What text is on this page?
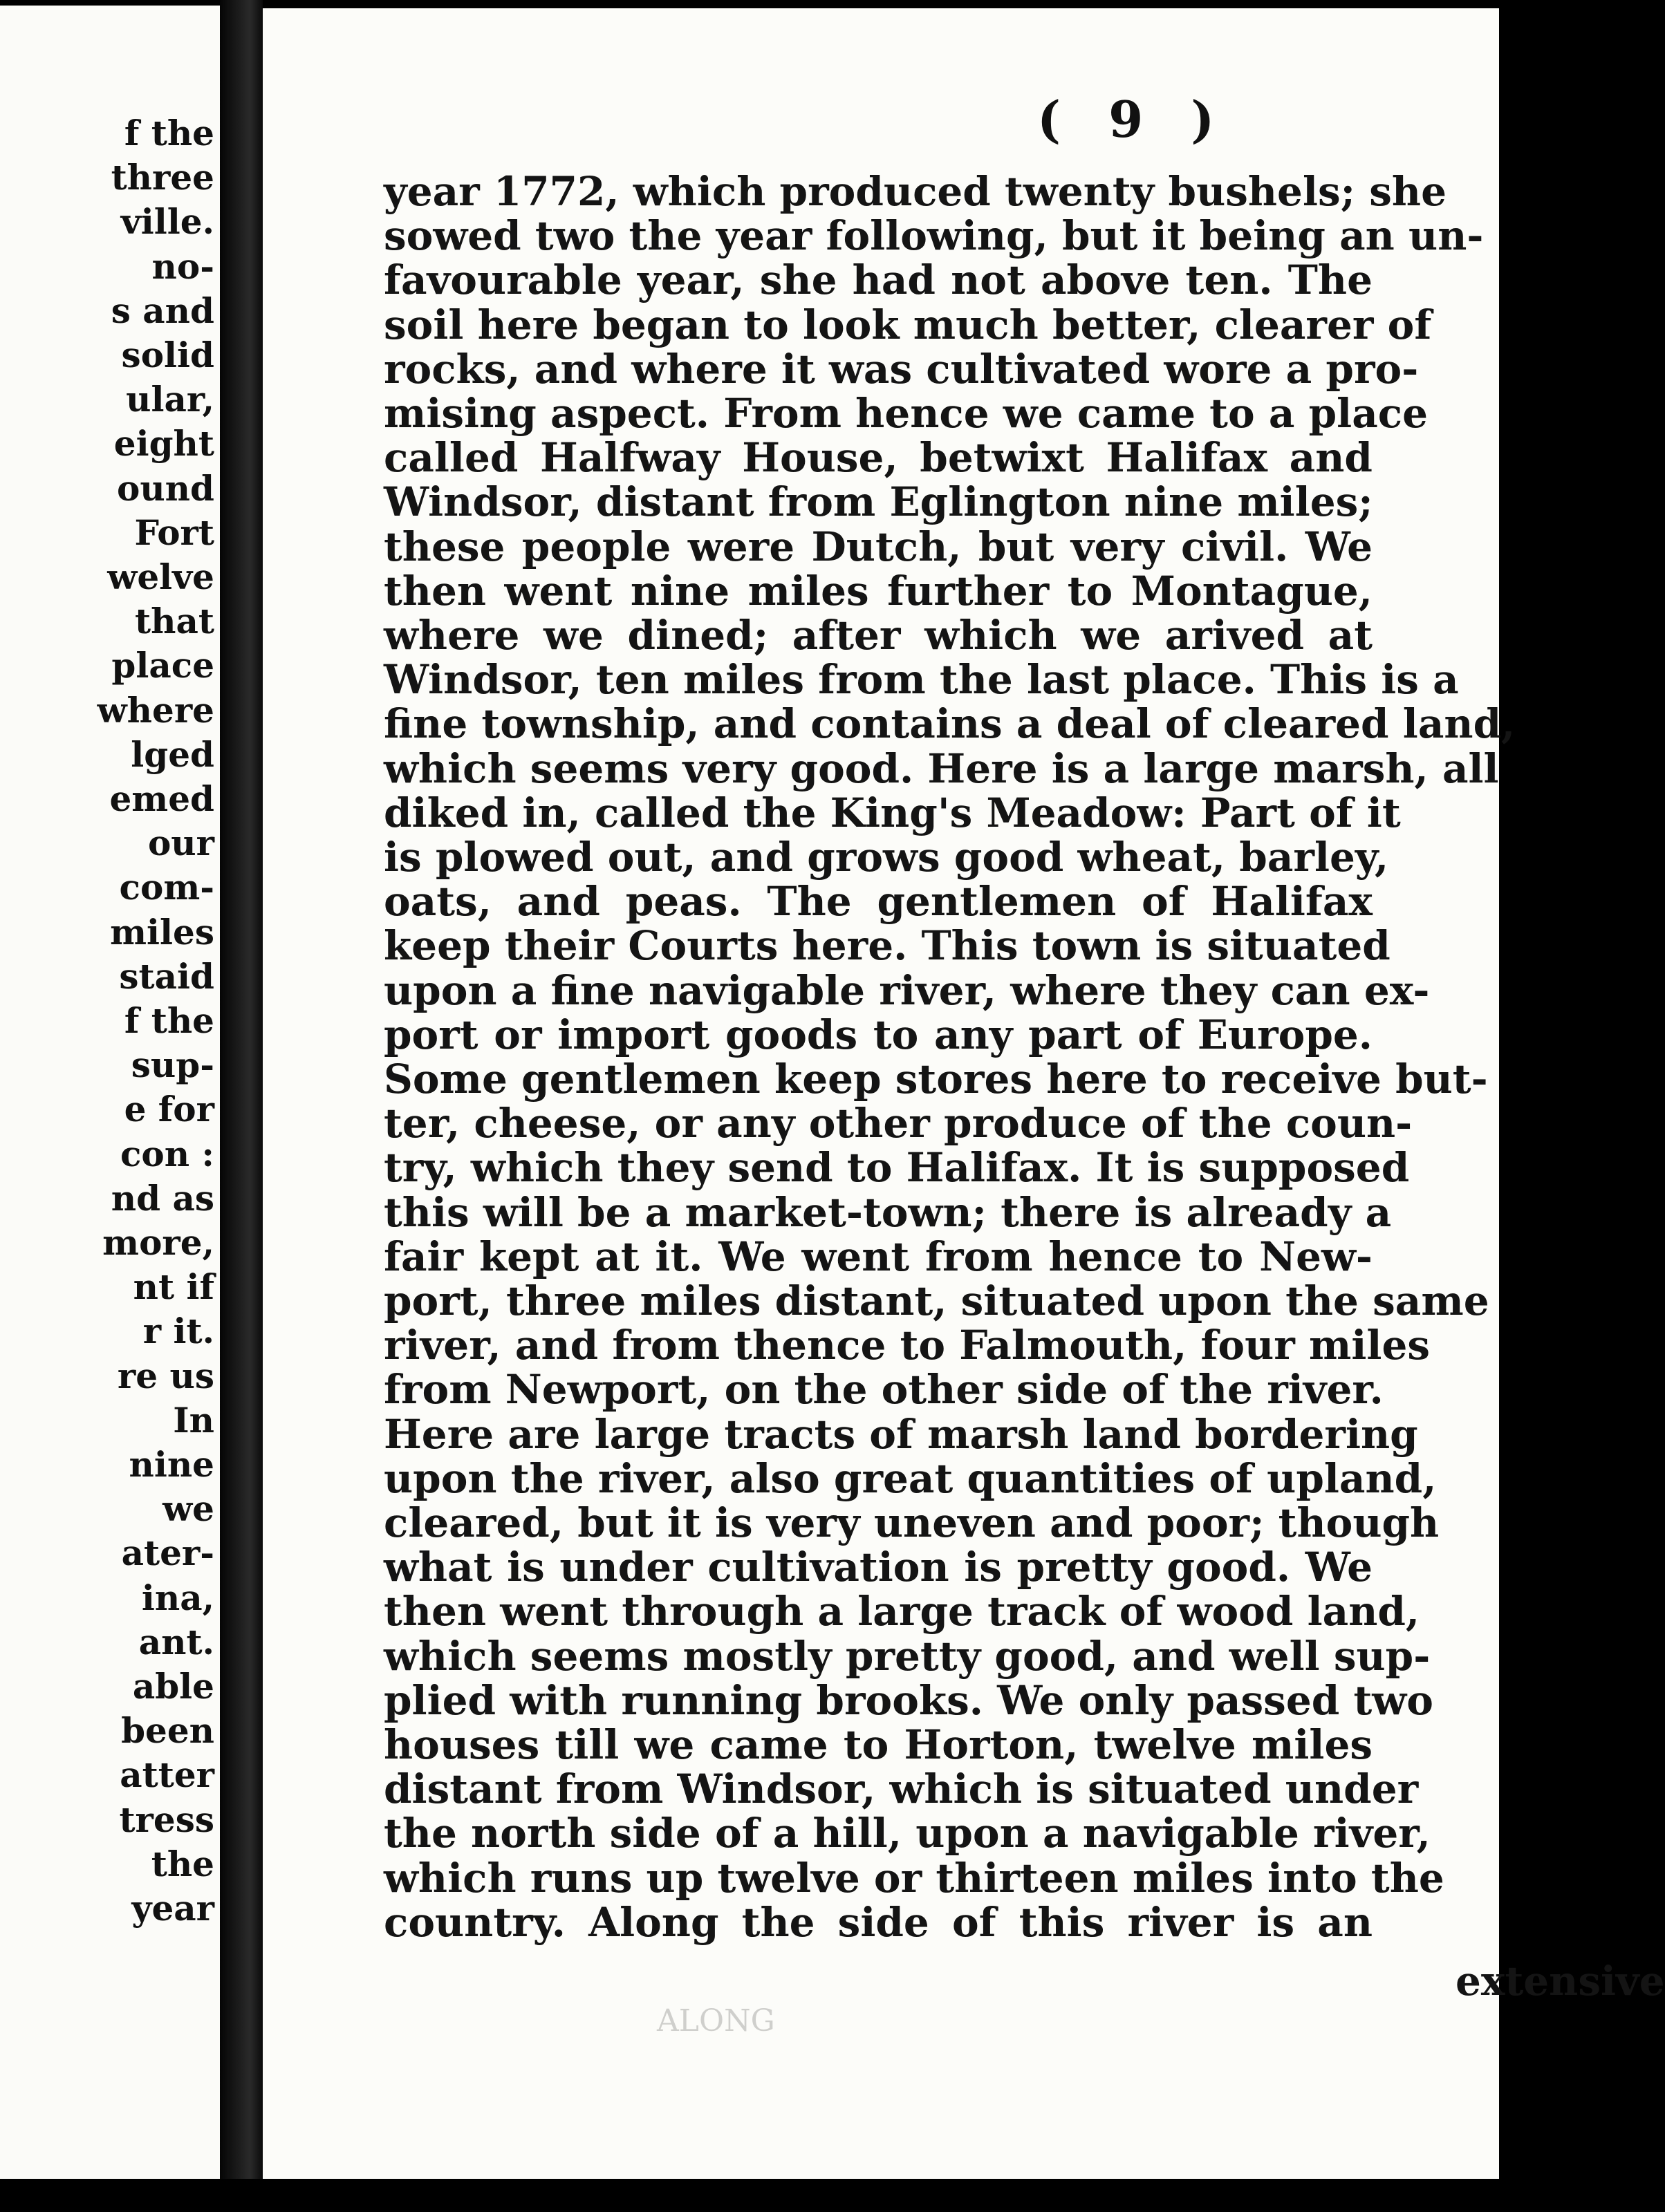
f the
three
ville.
no-
s and
solid
ular,
eight
ound
Fort
welve
that
place
where
lged
emed
our
com-
miles
staid
f the
sup-
e for
con :
nd as
more,
nt if
r it.
re us
In
nine
we
ater-
ina,
ant.
able
been
atter
tress
the
year
( 9 )
year 1772, which produced twenty bushels; she
sowed two the year following, but it being an un-
favourable year, she had not above ten. The
soil here began to look much better, clearer of
rocks, and where it was cultivated wore a pro-
mising aspect. From hence we came to a place
called Halfway House, betwixt Halifax and
Windsor, distant from Eglington nine miles;
these people were Dutch, but very civil. We
then went nine miles further to Montague,
where we dined; after which we arived at
Windsor, ten miles from the last place. This is a
fine township, and contains a deal of cleared land,
which seems very good. Here is a large marsh, all
diked in, called the King's Meadow: Part of it
is plowed out, and grows good wheat, barley,
oats, and peas. The gentlemen of Halifax
keep their Courts here. This town is situated
upon a fine navigable river, where they can ex-
port or import goods to any part of Europe.
Some gentlemen keep stores here to receive but-
ter, cheese, or any other produce of the coun-
try, which they send to Halifax. It is supposed
this will be a market-town; there is already a
fair kept at it. We went from hence to New-
port, three miles distant, situated upon the same
river, and from thence to Falmouth, four miles
from Newport, on the other side of the river.
Here are large tracts of marsh land bordering
upon the river, also great quantities of upland,
cleared, but it is very uneven and poor; though
what is under cultivation is pretty good. We
then went through a large track of wood land,
which seems mostly pretty good, and well sup-
plied with running brooks. We only passed two
houses till we came to Horton, twelve miles
distant from Windsor, which is situated under
the north side of a hill, upon a navigable river,
which runs up twelve or thirteen miles into the
country. Along the side of this river is an
extensive
ALONG
